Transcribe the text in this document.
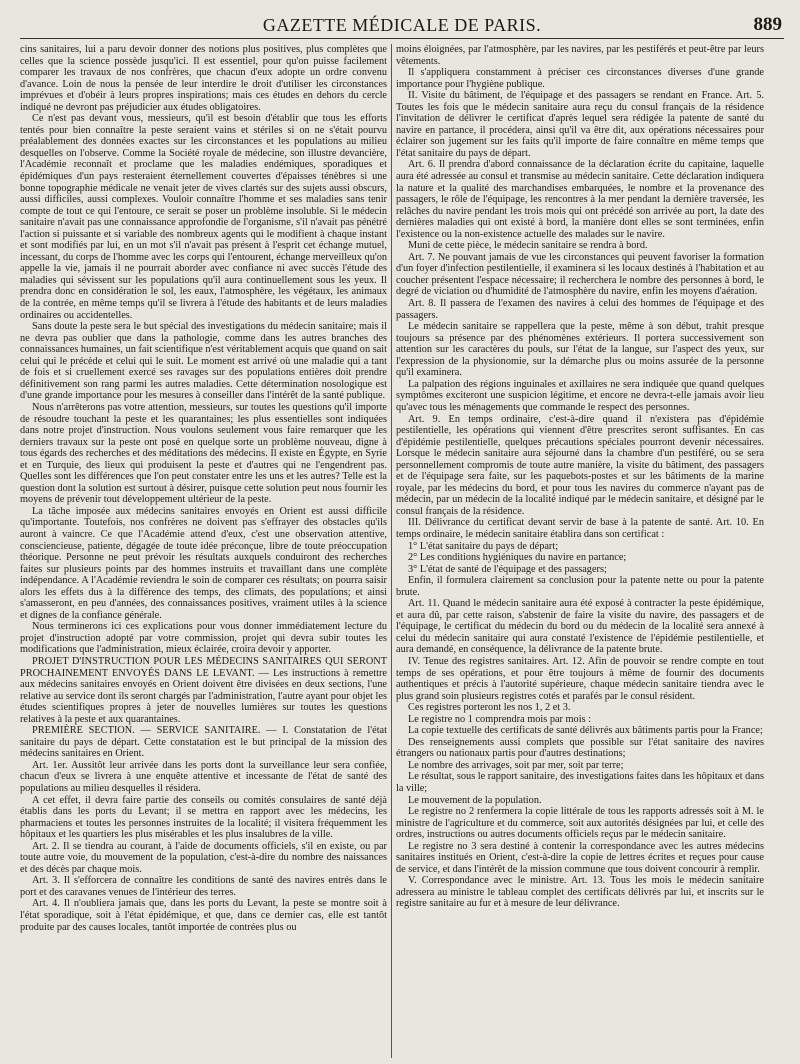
GAZETTE MÉDICALE DE PARIS.	889

cins sanitaires, lui a paru devoir donner des notions plus positives, plus complètes que celles que la science possède jusqu'ici. Il est essentiel, pour qu'on puisse facilement comparer les travaux de nos confrères, que chacun d'eux adopte un ordre convenu d'avance. Loin de nous la pensée de leur interdire le droit d'utiliser les circonstances imprévues et d'obéir à leurs propres inspirations; mais ces études en dehors du cercle indiqué ne devront pas préjudicier aux études obligatoires.

Ce n'est pas devant vous, messieurs, qu'il est besoin d'établir que tous les efforts tentés pour bien connaître la peste seraient vains et stériles si on ne s'était pourvu préalablement des données exactes sur les circonstances et les populations au milieu desquelles on l'observe. Comme la Société royale de médecine, son illustre devancière, l'Académie reconnaît et proclame que les maladies endémiques, sporadiques et épidémiques d'un pays resteraient éternellement couvertes d'épaisses ténèbres si une bonne topographie médicale ne venait jeter de vives clartés sur des sujets aussi obscurs, aussi difficiles, aussi complexes. Vouloir connaître l'homme et ses maladies sans tenir compte de tout ce qui l'entoure, ce serait se poser un problème insoluble. Si le médecin sanitaire n'avait pas une connaissance approfondie de l'organisme, s'il n'avait pas pénétré l'action si puissante et si variable des nombreux agents qui le modifient à chaque instant et sont modifiés par lui, en un mot s'il n'avait pas présent à l'esprit cet échange mutuel, incessant, du corps de l'homme avec les corps qui l'entourent, échange merveilleux qu'on appelle la vie, jamais il ne pourrait aborder avec confiance ni avec succès l'étude des maladies qui sévissent sur les populations qu'il aura continuellement sous les yeux. Il prendra donc en considération le sol, les eaux, l'atmosphère, les végétaux, les animaux de la contrée, en même temps qu'il se livrera à l'étude des habitants et de leurs maladies ordinaires ou accidentelles.

Sans doute la peste sera le but spécial des investigations du médecin sanitaire; mais il ne devra pas oublier que dans la pathologie, comme dans les autres branches des connaissances humaines, un fait scientifique n'est véritablement acquis que quand on sait celui qui le précède et celui qui le suit. Le moment est arrivé où une maladie qui a tant de fois et si cruellement exercé ses ravages sur des populations entières doit prendre définitivement son rang parmi les autres maladies. Cette détermination nosologique est d'une grande importance pour les mesures à conseiller dans l'intérêt de la santé publique.

Nous n'arrêterons pas votre attention, messieurs, sur toutes les questions qu'il importe de résoudre touchant la peste et les quarantaines; les plus essentielles sont indiquées dans notre projet d'instruction. Nous voulons seulement vous faire remarquer que les derniers travaux sur la peste ont posé en quelque sorte un problème nouveau, digne à tous égards des recherches et des méditations des médecins. Il existe en Égypte, en Syrie et en Turquie, des lieux qui produisent la peste et d'autres qui ne l'engendrent pas. Quelles sont les différences que l'on peut constater entre les uns et les autres? Telle est la question dont la solution est surtout à désirer, puisque cette solution peut nous fournir les moyens de prévenir tout développement ultérieur de la peste.

La tâche imposée aux médecins sanitaires envoyés en Orient est aussi difficile qu'importante. Toutefois, nos confrères ne doivent pas s'effrayer des obstacles qu'ils auront à vaincre. Ce que l'Académie attend d'eux, c'est une observation attentive, consciencieuse, patiente, dégagée de toute idée préconçue, libre de toute préoccupation théorique. Personne ne peut prévoir les résultats auxquels conduiront des recherches faites sur plusieurs points par des hommes instruits et travaillant dans une complète indépendance. A l'Académie reviendra le soin de comparer ces résultats; on pourra saisir alors les effets dus à la différence des temps, des climats, des populations; et ainsi s'amasseront, en peu d'années, des connaissances positives, vraiment utiles à la science et dignes de la confiance générale.

Nous terminerons ici ces explications pour vous donner immédiatement lecture du projet d'instruction adopté par votre commission, projet qui devra subir toutes les modifications que l'administration, mieux éclairée, croira devoir y apporter.

PROJET D'INSTRUCTION POUR LES MÉDECINS SANITAIRES QUI SERONT PROCHAINEMENT ENVOYÉS DANS LE LEVANT. — Les instructions à remettre aux médecins sanitaires envoyés en Orient doivent être divisées en deux sections, l'une relative au service dont ils seront chargés par l'administration, l'autre ayant pour objet les études scientifiques propres à jeter de nouvelles lumières sur toutes les questions relatives à la peste et aux quarantaines.

PREMIÈRE SECTION. — SERVICE SANITAIRE. — I. Constatation de l'état sanitaire du pays de départ. Cette constatation est le but principal de la mission des médecins sanitaires en Orient.

Art. 1er. Aussitôt leur arrivée dans les ports dont la surveillance leur sera confiée, chacun d'eux se livrera à une enquête attentive et incessante de l'état de santé des populations au milieu desquelles il résidera.

A cet effet, il devra faire partie des conseils ou comités consulaires de santé déjà établis dans les ports du Levant; il se mettra en rapport avec les médecins, les pharmaciens et toutes les personnes instruites de la localité; il visitera fréquemment les hôpitaux et les quartiers les plus misérables et les plus insalubres de la ville.

Art. 2. Il se tiendra au courant, à l'aide de documents officiels, s'il en existe, ou par toute autre voie, du mouvement de la population, c'est-à-dire du nombre des naissances et des décès par chaque mois.

Art. 3. Il s'efforcera de connaître les conditions de santé des navires entrés dans le port et des caravanes venues de l'intérieur des terres.

Art. 4. Il n'oubliera jamais que, dans les ports du Levant, la peste se montre soit à l'état sporadique, soit à l'état épidémique, et que, dans ce dernier cas, elle est tantôt produite par des causes locales, tantôt importée de contrées plus ou

moins éloignées, par l'atmosphère, par les navires, par les pestiférés et peut-être par leurs vêtements.

Il s'appliquera constamment à préciser ces circonstances diverses d'une grande importance pour l'hygiène publique.

II. Visite du bâtiment, de l'équipage et des passagers se rendant en France. Art. 5. Toutes les fois que le médecin sanitaire aura reçu du consul français de la résidence l'invitation de délivrer le certificat d'après lequel sera rédigée la patente de santé du navire en partance, il procédera, ainsi qu'il va être dit, aux opérations nécessaires pour éclairer son jugement sur les faits qu'il importe de faire connaître en même temps que l'état sanitaire du pays de départ.

Art. 6. Il prendra d'abord connaissance de la déclaration écrite du capitaine, laquelle aura été adressée au consul et transmise au médecin sanitaire. Cette déclaration indiquera la nature et la qualité des marchandises embarquées, le nombre et la provenance des passagers, le rôle de l'équipage, les rencontres à la mer pendant la dernière traversée, les relâches du navire pendant les trois mois qui ont précédé son arrivée au port, la date des dernières maladies qui ont existé à bord, la manière dont elles se sont terminées, enfin l'existence ou la non-existence actuelle des malades sur le navire.

Muni de cette pièce, le médecin sanitaire se rendra à bord.

Art. 7. Ne pouvant jamais de vue les circonstances qui peuvent favoriser la formation d'un foyer d'infection pestilentielle, il examinera si les locaux destinés à l'habitation et au coucher présentent l'espace nécessaire; il recherchera le nombre des personnes à bord, le degré de viciation ou d'humidité de l'atmosphère du navire, enfin les moyens d'aération.

Art. 8. Il passera de l'examen des navires à celui des hommes de l'équipage et des passagers.

Le médecin sanitaire se rappellera que la peste, même à son début, trahit presque toujours sa présence par des phénomènes extérieurs. Il portera successivement son attention sur les caractères du pouls, sur l'état de la langue, sur l'aspect des yeux, sur l'expression de la physionomie, sur la démarche plus ou moins assurée de la personne qu'il examinera.

La palpation des régions inguinales et axillaires ne sera indiquée que quand quelques symptômes exciteront une suspicion légitime, et encore ne devra-t-elle jamais avoir lieu qu'avec tous les ménagements que commande le respect des personnes.

Art. 9. En temps ordinaire, c'est-à-dire quand il n'existera pas d'épidémie pestilentielle, les opérations qui viennent d'être prescrites seront suffisantes. En cas d'épidémie pestilentielle, quelques précautions spéciales pourront devenir nécessaires. Lorsque le médecin sanitaire aura séjourné dans la chambre d'un pestiféré, ou se sera personnellement compromis de toute autre manière, la visite du bâtiment, des passagers et de l'équipage sera faite, sur les paquebots-postes et sur les bâtiments de la marine royale, par les médecins du bord, et pour tous les navires du commerce n'ayant pas de médecin, par un médecin de la localité indiqué par le médecin sanitaire, et désigné par le consul français de la résidence.

III. Délivrance du certificat devant servir de base à la patente de santé. Art. 10. En temps ordinaire, le médecin sanitaire établira dans son certificat :

1° L'état sanitaire du pays de départ;

2° Les conditions hygiéniques du navire en partance;

3° L'état de santé de l'équipage et des passagers;

Enfin, il formulera clairement sa conclusion pour la patente nette ou pour la patente brute.

Art. 11. Quand le médecin sanitaire aura été exposé à contracter la peste épidémique, et aura dû, par cette raison, s'abstenir de faire la visite du navire, des passagers et de l'équipage, le certificat du médecin du bord ou du médecin de la localité sera annexé à celui du médecin sanitaire qui aura constaté l'existence de l'épidémie pestilentielle, et aura demandé, en conséquence, la délivrance de la patente brute.

IV. Tenue des registres sanitaires. Art. 12. Afin de pouvoir se rendre compte en tout temps de ses opérations, et pour être toujours à même de fournir des documents authentiques et précis à l'autorité supérieure, chaque médecin sanitaire tiendra avec le plus grand soin plusieurs registres cotés et parafés par le consul résident.

Ces registres porteront les nos 1, 2 et 3.

Le registre no 1 comprendra mois par mois :

La copie textuelle des certificats de santé délivrés aux bâtiments partis pour la France;

Des renseignements aussi complets que possible sur l'état sanitaire des navires étrangers ou nationaux partis pour d'autres destinations;

Le nombre des arrivages, soit par mer, soit par terre;

Le résultat, sous le rapport sanitaire, des investigations faites dans les hôpitaux et dans la ville;

Le mouvement de la population.

Le registre no 2 renfermera la copie littérale de tous les rapports adressés soit à M. le ministre de l'agriculture et du commerce, soit aux autorités désignées par lui, et celle des ordres, instructions ou autres documents officiels reçus par le médecin sanitaire.

Le registre no 3 sera destiné à contenir la correspondance avec les autres médecins sanitaires institués en Orient, c'est-à-dire la copie de lettres écrites et reçues pour cause de service, et dans l'intérêt de la mission commune que tous doivent concourir à remplir.

V. Correspondance avec le ministre. Art. 13. Tous les mois le médecin sanitaire adressera au ministre le tableau complet des certificats délivrés par lui, et inscrits sur le registre sanitaire au fur et à mesure de leur délivrance.
